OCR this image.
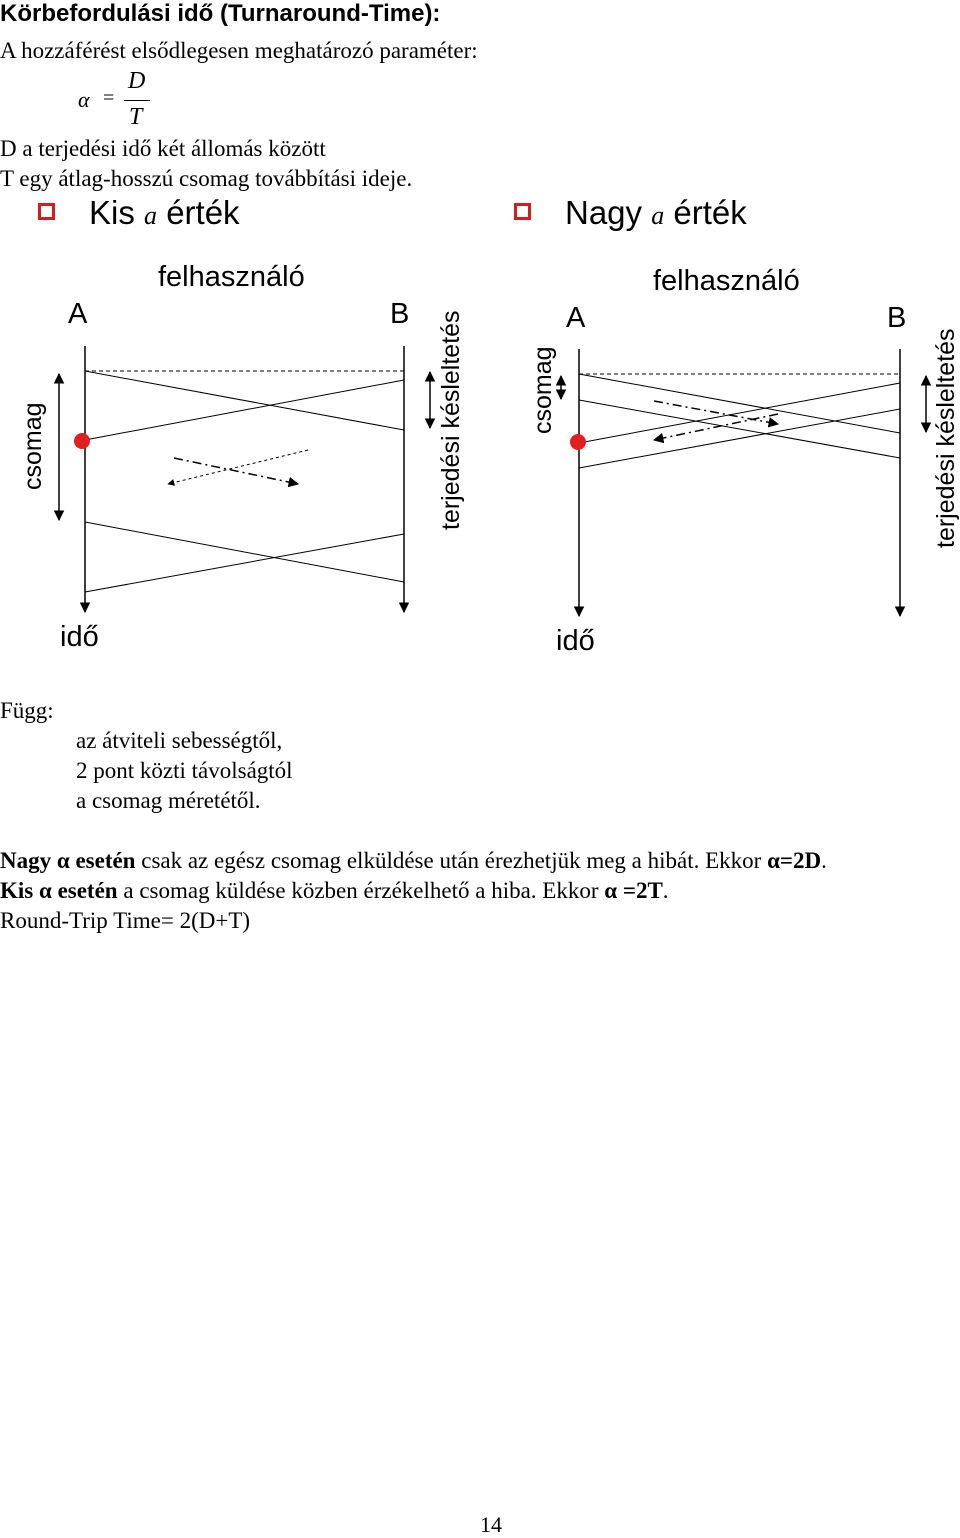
Körbefordulási idő (Turnaround-Time):
A hozzáférést elsődlegesen meghatározó paraméter:
α =
D
T
D a terjedési idő két állomás között
T egy átlag-hosszú csomag továbbítási ideje.
Kis a érték	Nagy a érték
felhasználó
A	B
csomag	terjedési késleltetés
idő
felhasználó
A	B
csomag	terjedési késleltetés
idő
Függ:
az átviteli sebességtől,
2 pont közti távolságtól
a csomag méretétől.
Nagy α esetén csak az egész csomag elküldése után érezhetjük meg a hibát. Ekkor α=2D.
Kis α esetén a csomag küldése közben érzékelhető a hiba. Ekkor α =2T.
Round-Trip Time= 2(D+T)
14
